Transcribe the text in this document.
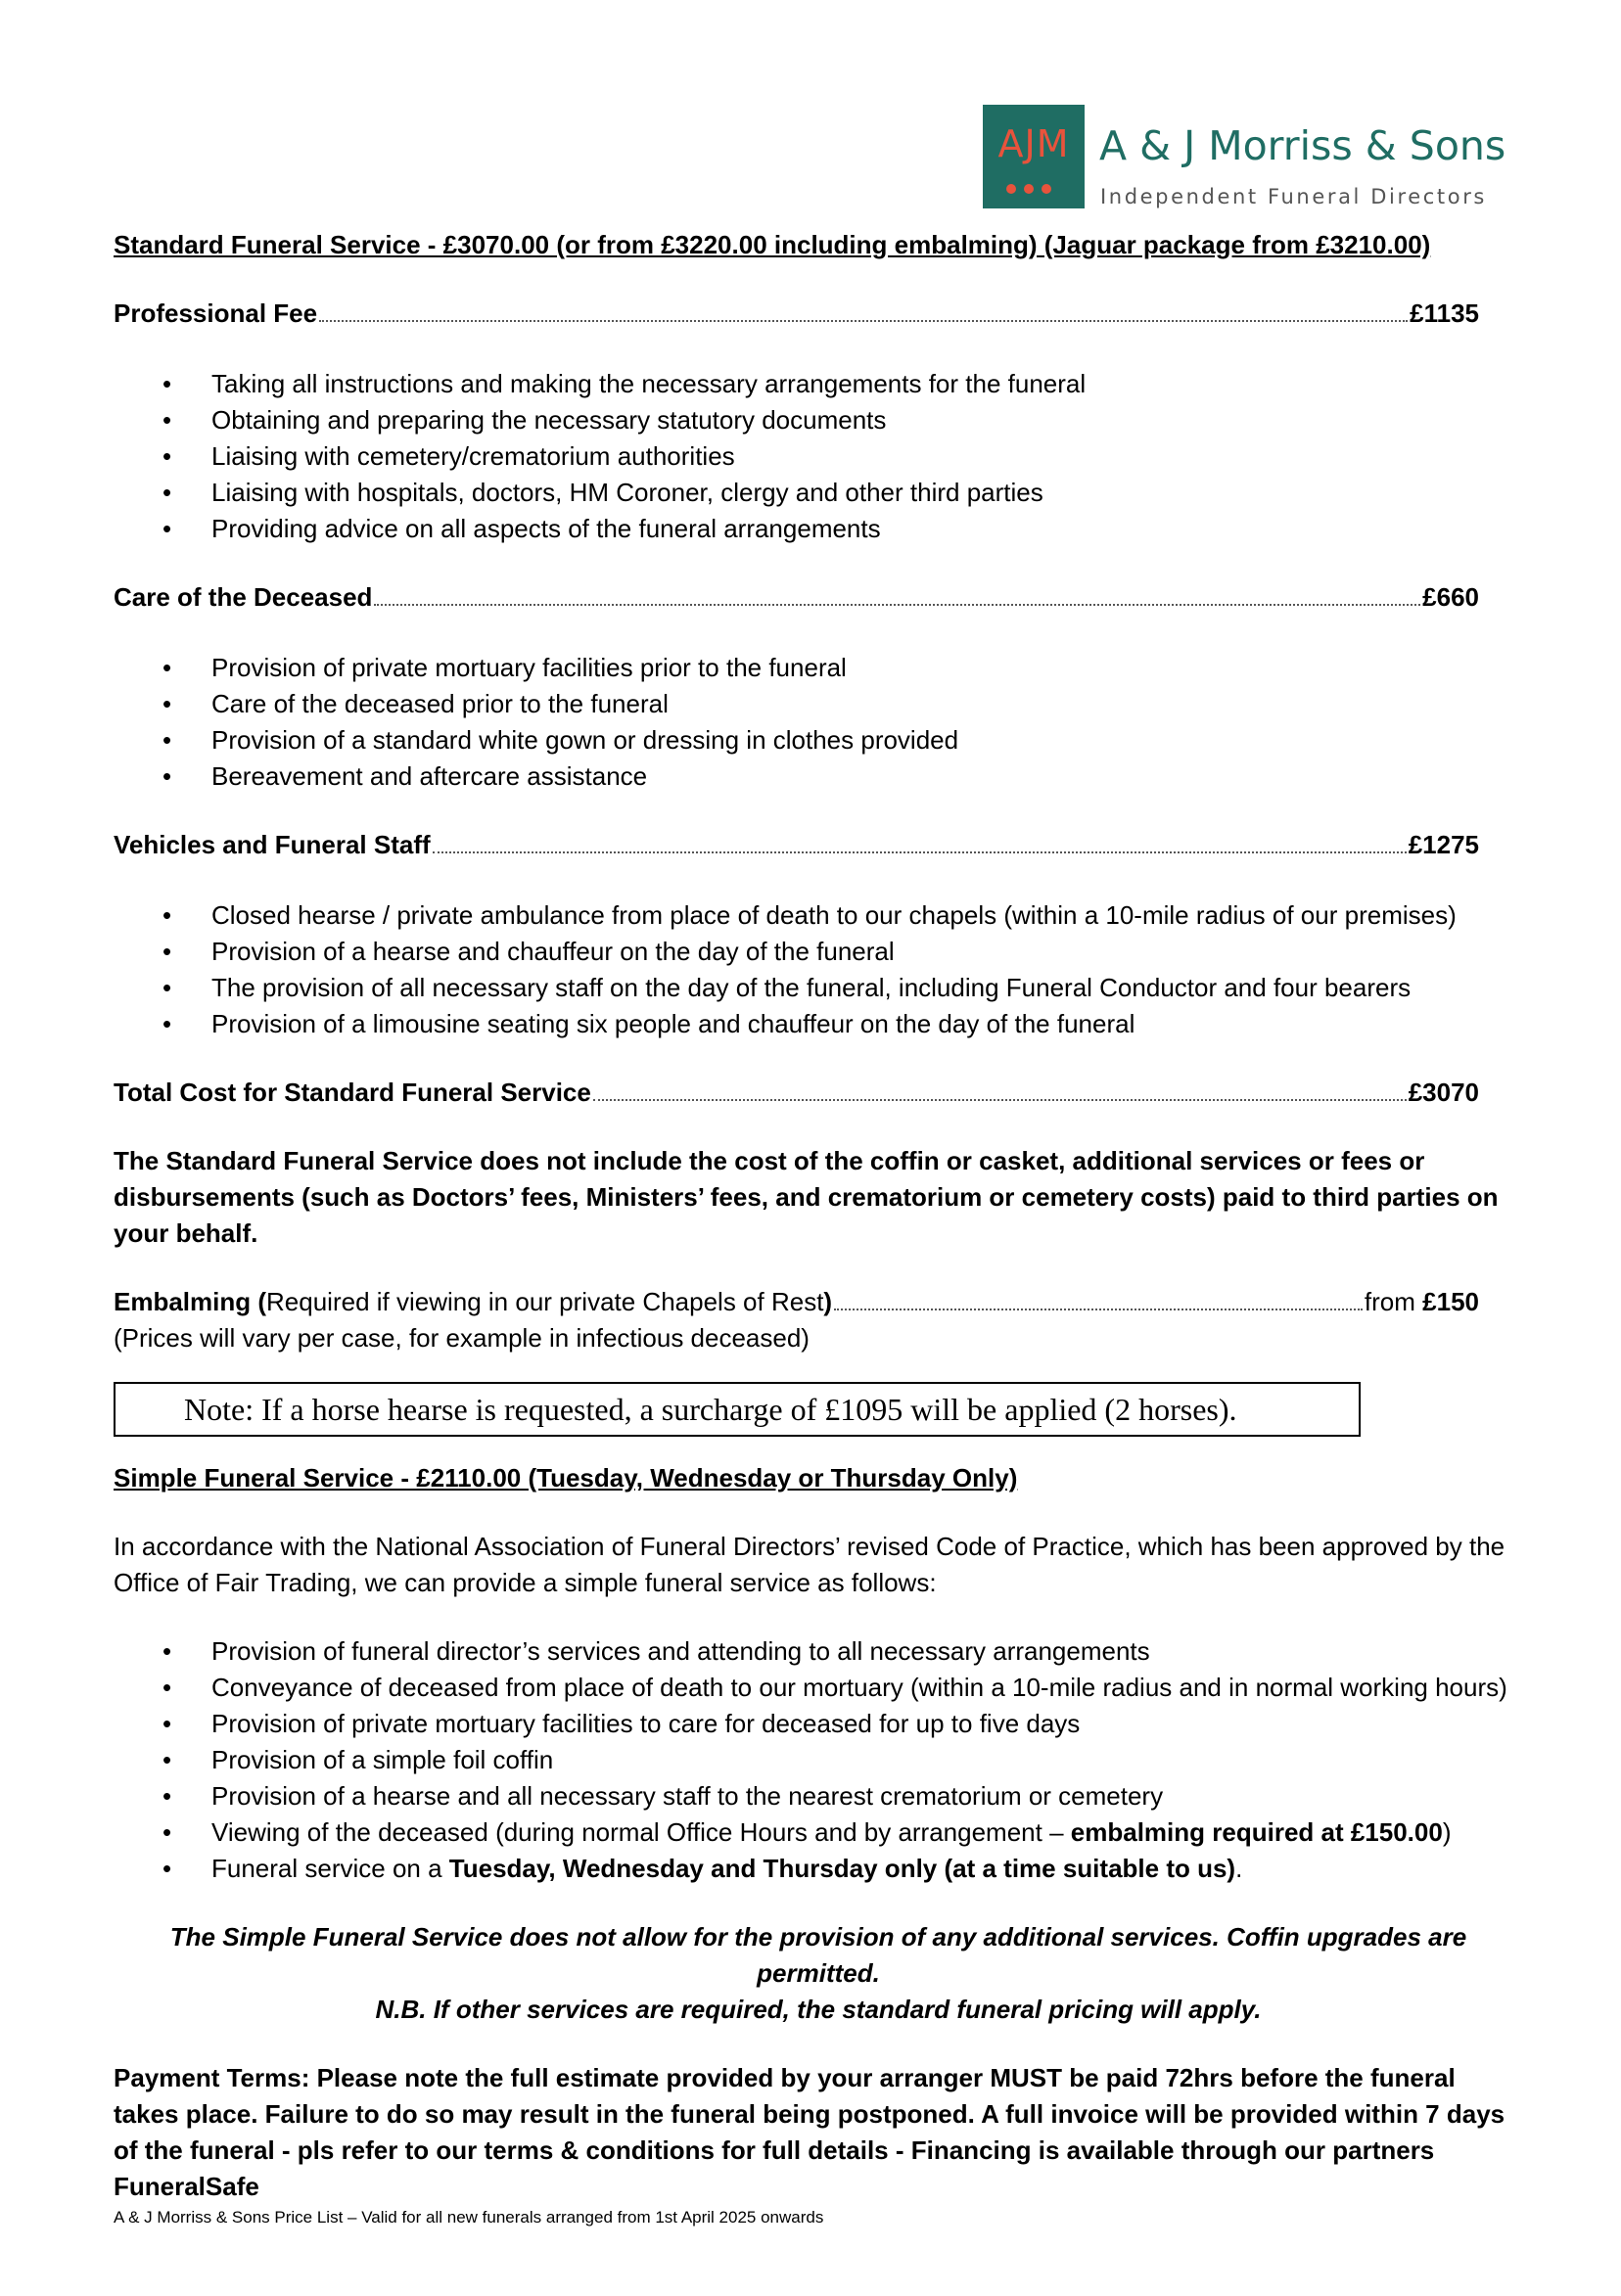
AJM A & J Morriss & Sons
Independent Funeral Directors
Standard Funeral Service - £3070.00 (or from £3220.00 including embalming) (Jaguar package from £3210.00)
Professional Fee	£1135
• Taking all instructions and making the necessary arrangements for the funeral
• Obtaining and preparing the necessary statutory documents
• Liaising with cemetery/crematorium authorities
• Liaising with hospitals, doctors, HM Coroner, clergy and other third parties
• Providing advice on all aspects of the funeral arrangements
Care of the Deceased	£660
• Provision of private mortuary facilities prior to the funeral
• Care of the deceased prior to the funeral
• Provision of a standard white gown or dressing in clothes provided
• Bereavement and aftercare assistance
Vehicles and Funeral Staff	£1275
• Closed hearse / private ambulance from place of death to our chapels (within a 10-mile radius of our premises)
• Provision of a hearse and chauffeur on the day of the funeral
• The provision of all necessary staff on the day of the funeral, including Funeral Conductor and four bearers
• Provision of a limousine seating six people and chauffeur on the day of the funeral
Total Cost for Standard Funeral Service	£3070
The Standard Funeral Service does not include the cost of the coffin or casket, additional services or fees or disbursements (such as Doctors’ fees, Ministers’ fees, and crematorium or cemetery costs) paid to third parties on your behalf.
Embalming (Required if viewing in our private Chapels of Rest)	from £150
(Prices will vary per case, for example in infectious deceased)
Note: If a horse hearse is requested, a surcharge of £1095 will be applied (2 horses).
Simple Funeral Service - £2110.00 (Tuesday, Wednesday or Thursday Only)
In accordance with the National Association of Funeral Directors’ revised Code of Practice, which has been approved by the Office of Fair Trading, we can provide a simple funeral service as follows:
• Provision of funeral director’s services and attending to all necessary arrangements
• Conveyance of deceased from place of death to our mortuary (within a 10-mile radius and in normal working hours)
• Provision of private mortuary facilities to care for deceased for up to five days
• Provision of a simple foil coffin
• Provision of a hearse and all necessary staff to the nearest crematorium or cemetery
• Viewing of the deceased (during normal Office Hours and by arrangement – embalming required at £150.00)
• Funeral service on a Tuesday, Wednesday and Thursday only (at a time suitable to us).
The Simple Funeral Service does not allow for the provision of any additional services. Coffin upgrades are permitted.
N.B. If other services are required, the standard funeral pricing will apply.
Payment Terms: Please note the full estimate provided by your arranger MUST be paid 72hrs before the funeral takes place. Failure to do so may result in the funeral being postponed. A full invoice will be provided within 7 days of the funeral - pls refer to our terms & conditions for full details - Financing is available through our partners FuneralSafe
A & J Morriss & Sons Price List – Valid for all new funerals arranged from 1st April 2025 onwards
